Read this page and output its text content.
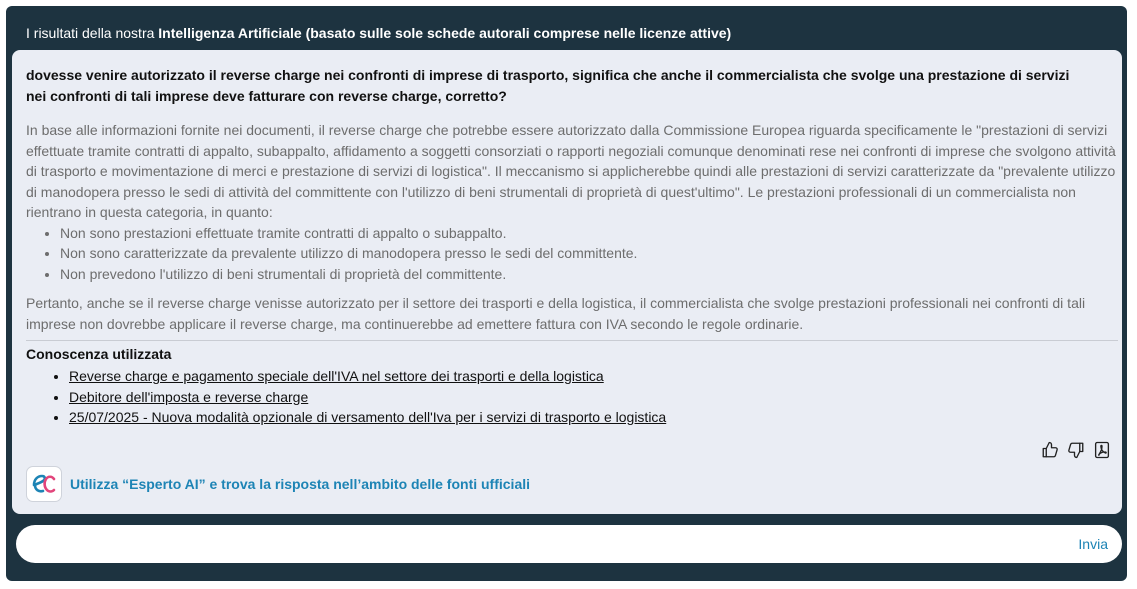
I risultati della nostra Intelligenza Artificiale (basato sulle sole schede autorali comprese nelle licenze attive)
dovesse venire autorizzato il reverse charge nei confronti di imprese di trasporto, significa che anche il commercialista che svolge una prestazione di servizi nei confronti di tali imprese deve fatturare con reverse charge, corretto?

In base alle informazioni fornite nei documenti, il reverse charge che potrebbe essere autorizzato dalla Commissione Europea riguarda specificamente le "prestazioni di servizi effettuate tramite contratti di appalto, subappalto, affidamento a soggetti consorziati o rapporti negoziali comunque denominati rese nei confronti di imprese che svolgono attività di trasporto e movimentazione di merci e prestazione di servizi di logistica". Il meccanismo si applicherebbe quindi alle prestazioni di servizi caratterizzate da "prevalente utilizzo di manodopera presso le sedi di attività del committente con l'utilizzo di beni strumentali di proprietà di quest'ultimo". Le prestazioni professionali di un commercialista non rientrano in questa categoria, in quanto:

• Non sono prestazioni effettuate tramite contratti di appalto o subappalto.
• Non sono caratterizzate da prevalente utilizzo di manodopera presso le sedi del committente.
• Non prevedono l'utilizzo di beni strumentali di proprietà del committente.

Pertanto, anche se il reverse charge venisse autorizzato per il settore dei trasporti e della logistica, il commercialista che svolge prestazioni professionali nei confronti di tali imprese non dovrebbe applicare il reverse charge, ma continuerebbe ad emettere fattura con IVA secondo le regole ordinarie.

Conoscenza utilizzata
• Reverse charge e pagamento speciale dell'IVA nel settore dei trasporti e della logistica
• Debitore dell'imposta e reverse charge
• 25/07/2025 - Nuova modalità opzionale di versamento dell'Iva per i servizi di trasporto e logistica
Utilizza “Esperto AI” e trova la risposta nell’ambito delle fonti ufficiali
Invia
